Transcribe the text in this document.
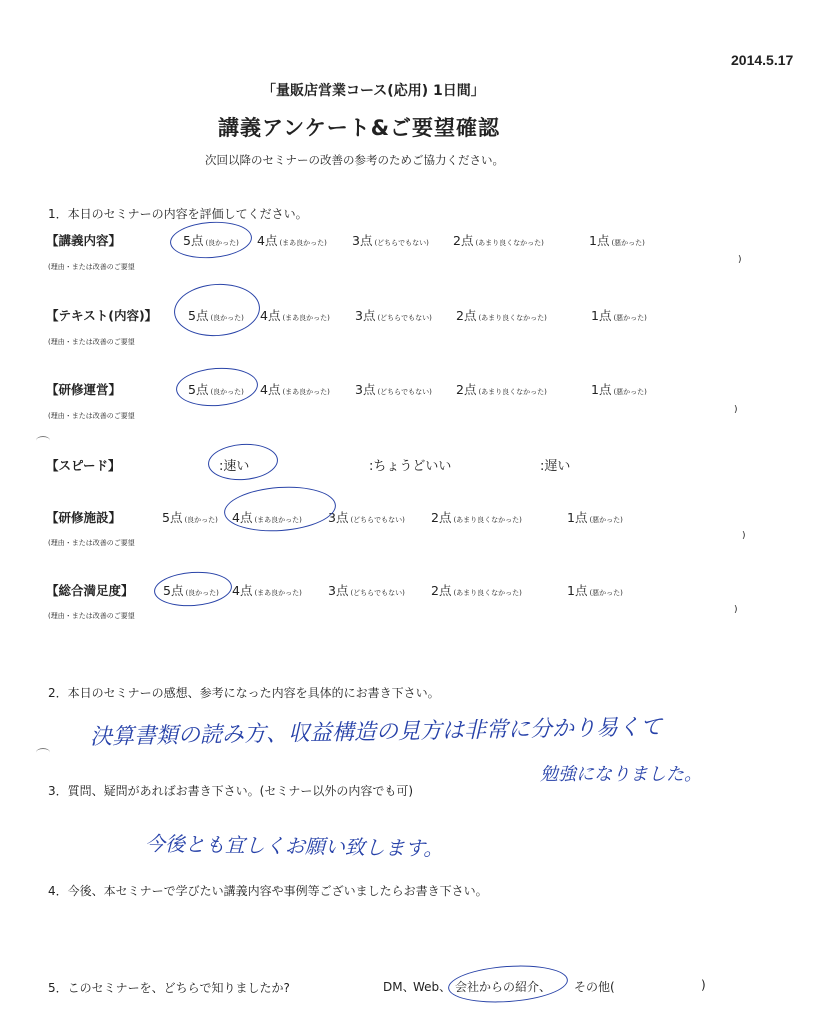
2014.5.17
「量販店営業コース(応用) 1日間」
講義アンケート&ご要望確認
次回以降のセミナーの改善の参考のためご協力ください。
1．本日のセミナーの内容を評価してください。
【講義内容】	5点 (良かった) 4点 (まあ良かった) 3点 (どちらでもない) 2点 (あまり良くなかった)	1点 (悪かった)
(理由・または改善のご要望
)
【テキスト(内容)】 5点 (良かった) 4点 (まあ良かった) 3点 (どちらでもない) 2点 (あまり良くなかった)	1点 (悪かった)
(理由・または改善のご要望
【研修運営】	5点 (良かった) 4点 (まあ良かった) 3点 (どちらでもない) 2点 (あまり良くなかった)	1点 (悪かった)
(理由・または改善のご要望
)
【スピード】	:速い	:ちょうどいい	:遅い
【研修施設】	5点 (良かった) 4点 (まあ良かった) 3点 (どちらでもない) 2点 (あまり良くなかった)	1点 (悪かった)
(理由・または改善のご要望
)
【総合満足度】 5点 (良かった) 4点 (まあ良かった) 3点 (どちらでもない) 2点 (あまり良くなかった)	1点 (悪かった)
(理由・または改善のご要望
)
2．本日のセミナーの感想、参考になった内容を具体的にお書き下さい。
決算書類の読み方、収益構造の見方は非常に分かり易くて
勉強になりました。
3．質問、疑問があればお書き下さい。(セミナー以外の内容でも可)
今後とも宜しくお願い致します。
4．今後、本セミナーで学びたい講義内容や事例等ございましたらお書き下さい。
5．このセミナーを、どちらで知りましたか?	DM、
Web、 会社からの紹介、 その他(	)
